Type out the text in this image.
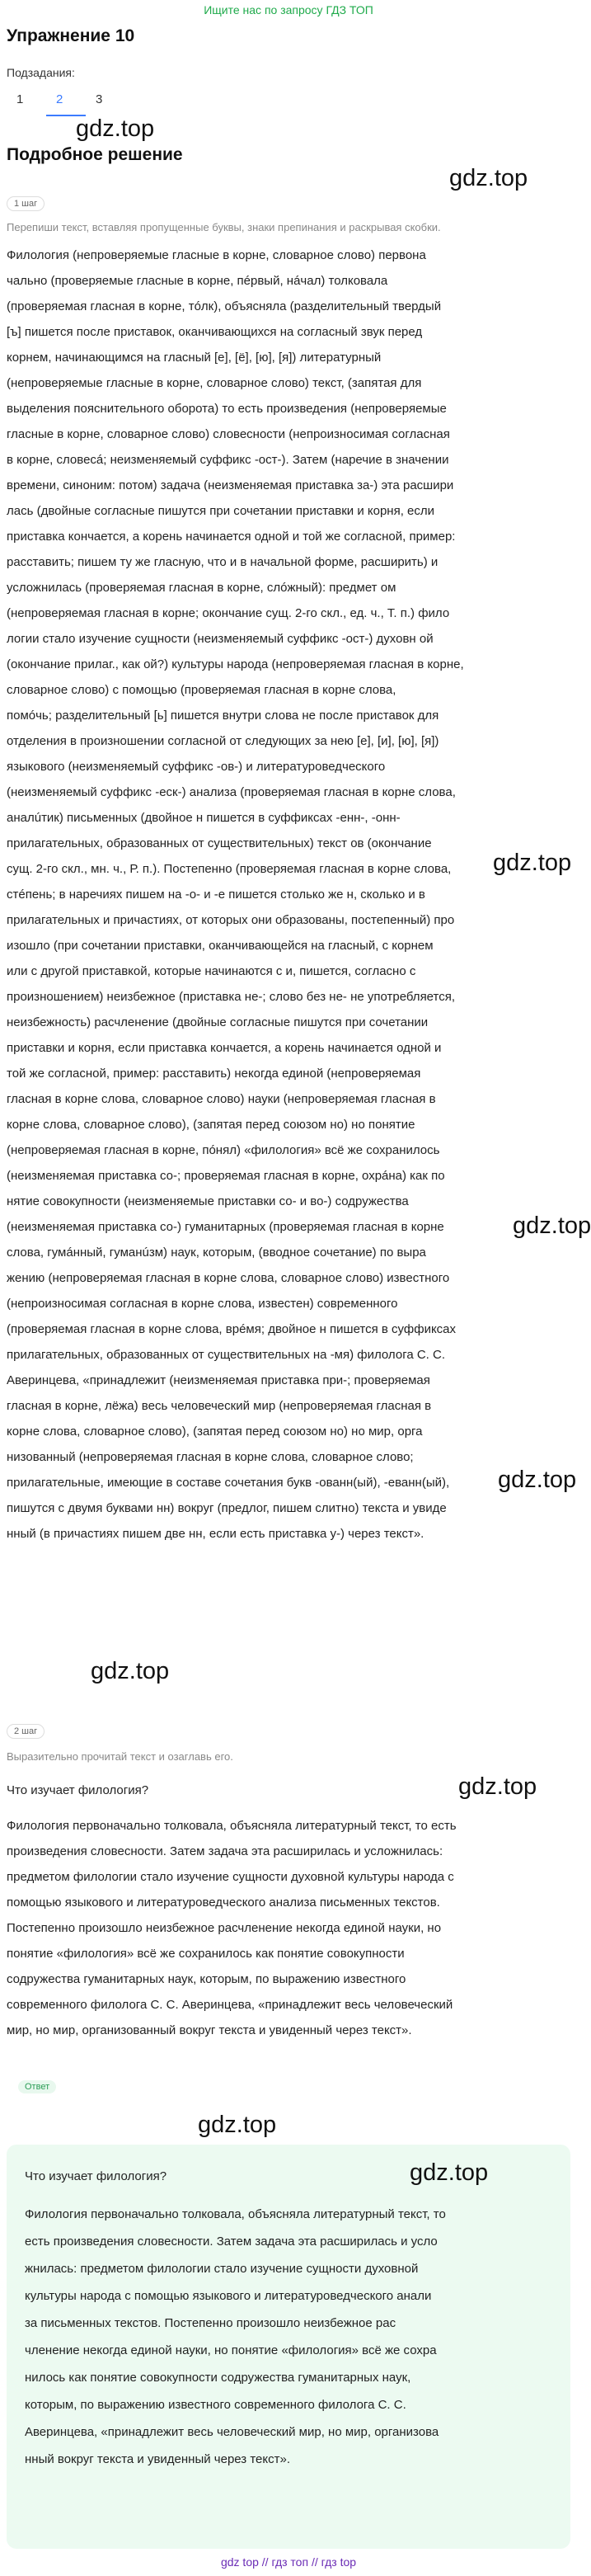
Ищите нас по запросу ГДЗ ТОП
Упражнение 10
Подзадания:
1	2	3
gdz.top
Подробное решение
gdz.top
1 шаг
Перепиши текст, вставляя пропущенные буквы, знаки препинания и раскрывая скобки.

Филология (непроверяемые гласные в корне, словарное слово) первона

чально (проверяемые гласные в корне, пéрвый, нáчал) толковала

(проверяемая гласная в корне, тóлк), объясняла (разделительный твердый

[ъ] пишется после приставок, оканчивающихся на согласный звук перед

корнем, начинающимся на гласный [е], [ё], [ю], [я]) литературный

(непроверяемые гласные в корне, словарное слово) текст, (запятая для

выделения пояснительного оборота) то есть произведения (непроверяемые

гласные в корне, словарное слово) словесности (непроизносимая согласная

в корне, словесá; неизменяемый суффикс -ост-). Затем (наречие в значении

времени, синоним: потом) задача (неизменяемая приставка за-) эта расшири

лась (двойные согласные пишутся при сочетании приставки и корня, если

приставка кончается, а корень начинается одной и той же согласной, пример:

расставить; пишем ту же гласную, что и в начальной форме, расширить) и

усложнилась (проверяемая гласная в корне, слóжный): предмет ом

(непроверяемая гласная в корне; окончание сущ. 2-го скл., ед. ч., Т. п.) фило

логии стало изучение сущности (неизменяемый суффикс -ост-) духовн ой

(окончание прилаг., как ой?) культуры народа (непроверяемая гласная в корне,

словарное слово) с помощью (проверяемая гласная в корне слова,

помóчь; разделительный [ь] пишется внутри слова не после приставок для

отделения в произношении согласной от следующих за нею [е], [и], [ю], [я])

языкового (неизменяемый суффикс -ов-) и литературоведческого

(неизменяемый суффикс -еск-) анализа (проверяемая гласная в корне слова,

аналúтик) письменных (двойное н пишется в суффиксах -енн-, -онн-

прилагательных, образованных от существительных) текст ов (окончание

сущ. 2-го скл., мн. ч., Р. п.). Постепенно (проверяемая гласная в корне слова,

стéпень; в наречиях пишем на -о- и -е пишется столько же н, сколько и в

прилагательных и причастиях, от которых они образованы, постепенный) про

изошло (при сочетании приставки, оканчивающейся на гласный, с корнем

или с другой приставкой, которые начинаются с и, пишется, согласно с

произношением) неизбежное (приставка не-; слово без не- не употребляется,

неизбежность) расчленение (двойные согласные пишутся при сочетании

приставки и корня, если приставка кончается, а корень начинается одной и

той же согласной, пример: расставить) некогда единой (непроверяемая

гласная в корне слова, словарное слово) науки (непроверяемая гласная в

корне слова, словарное слово), (запятая перед союзом но) но понятие

(непроверяемая гласная в корне, пóнял) «филология» всё же сохранилось

(неизменяемая приставка со-; проверяемая гласная в корне, охрáна) как по

нятие совокупности (неизменяемые приставки со- и во-) содружества

(неизменяемая приставка со-) гуманитарных (проверяемая гласная в корне

слова, гумáнный, гуманúзм) наук, которым, (вводное сочетание) по выра

жению (непроверяемая гласная в корне слова, словарное слово) известного

(непроизносимая согласная в корне слова, известен) современного

(проверяемая гласная в корне слова, врéмя; двойное н пишется в суффиксах

прилагательных, образованных от существительных на -мя) филолога С. С.

Аверинцева, «принадлежит (неизменяемая приставка при-; проверяемая

гласная в корне, лёжа) весь человеческий мир (непроверяемая гласная в

корне слова, словарное слово), (запятая перед союзом но) но мир, орга

низованный (непроверяемая гласная в корне слова, словарное слово;

прилагательные, имеющие в составе сочетания букв -ованн(ый), -еванн(ый),

пишутся с двумя буквами нн) вокруг (предлог, пишем слитно) текста и увиде

нный (в причастиях пишем две нн, если есть приставка у-) через текст».

gdz.top
gdz.top
gdz.top
gdz.top
2 шаг
Выразительно прочитай текст и озаглавь его.
gdz.top
Что изучает филология?

Филология первоначально толковала, объясняла литературный текст, то есть

произведения словесности. Затем задача эта расширилась и усложнилась:

предметом филологии стало изучение сущности духовной культуры народа с

помощью языкового и литературоведческого анализа письменных текстов.

Постепенно произошло неизбежное расчленение некогда единой науки, но

понятие «филология» всё же сохранилось как понятие совокупности

содружества гуманитарных наук, которым, по выражению известного

современного филолога С. С. Аверинцева, «принадлежит весь человеческий

мир, но мир, организованный вокруг текста и увиденный через текст».

Ответ
gdz.top
gdz.top
Что изучает филология?

Филология первоначально толковала, объясняла литературный текст, то

есть произведения словесности. Затем задача эта расширилась и усло

жнилась: предметом филологии стало изучение сущности духовной

культуры народа с помощью языкового и литературоведческого анали

за письменных текстов. Постепенно произошло неизбежное рас

членение некогда единой науки, но понятие «филология» всё же сохра

нилось как понятие совокупности содружества гуманитарных наук,

которым, по выражению известного современного филолога С. С.

Аверинцева, «принадлежит весь человеческий мир, но мир, организова

нный вокруг текста и увиденный через текст».

gdz top // гдз топ // гдз top
